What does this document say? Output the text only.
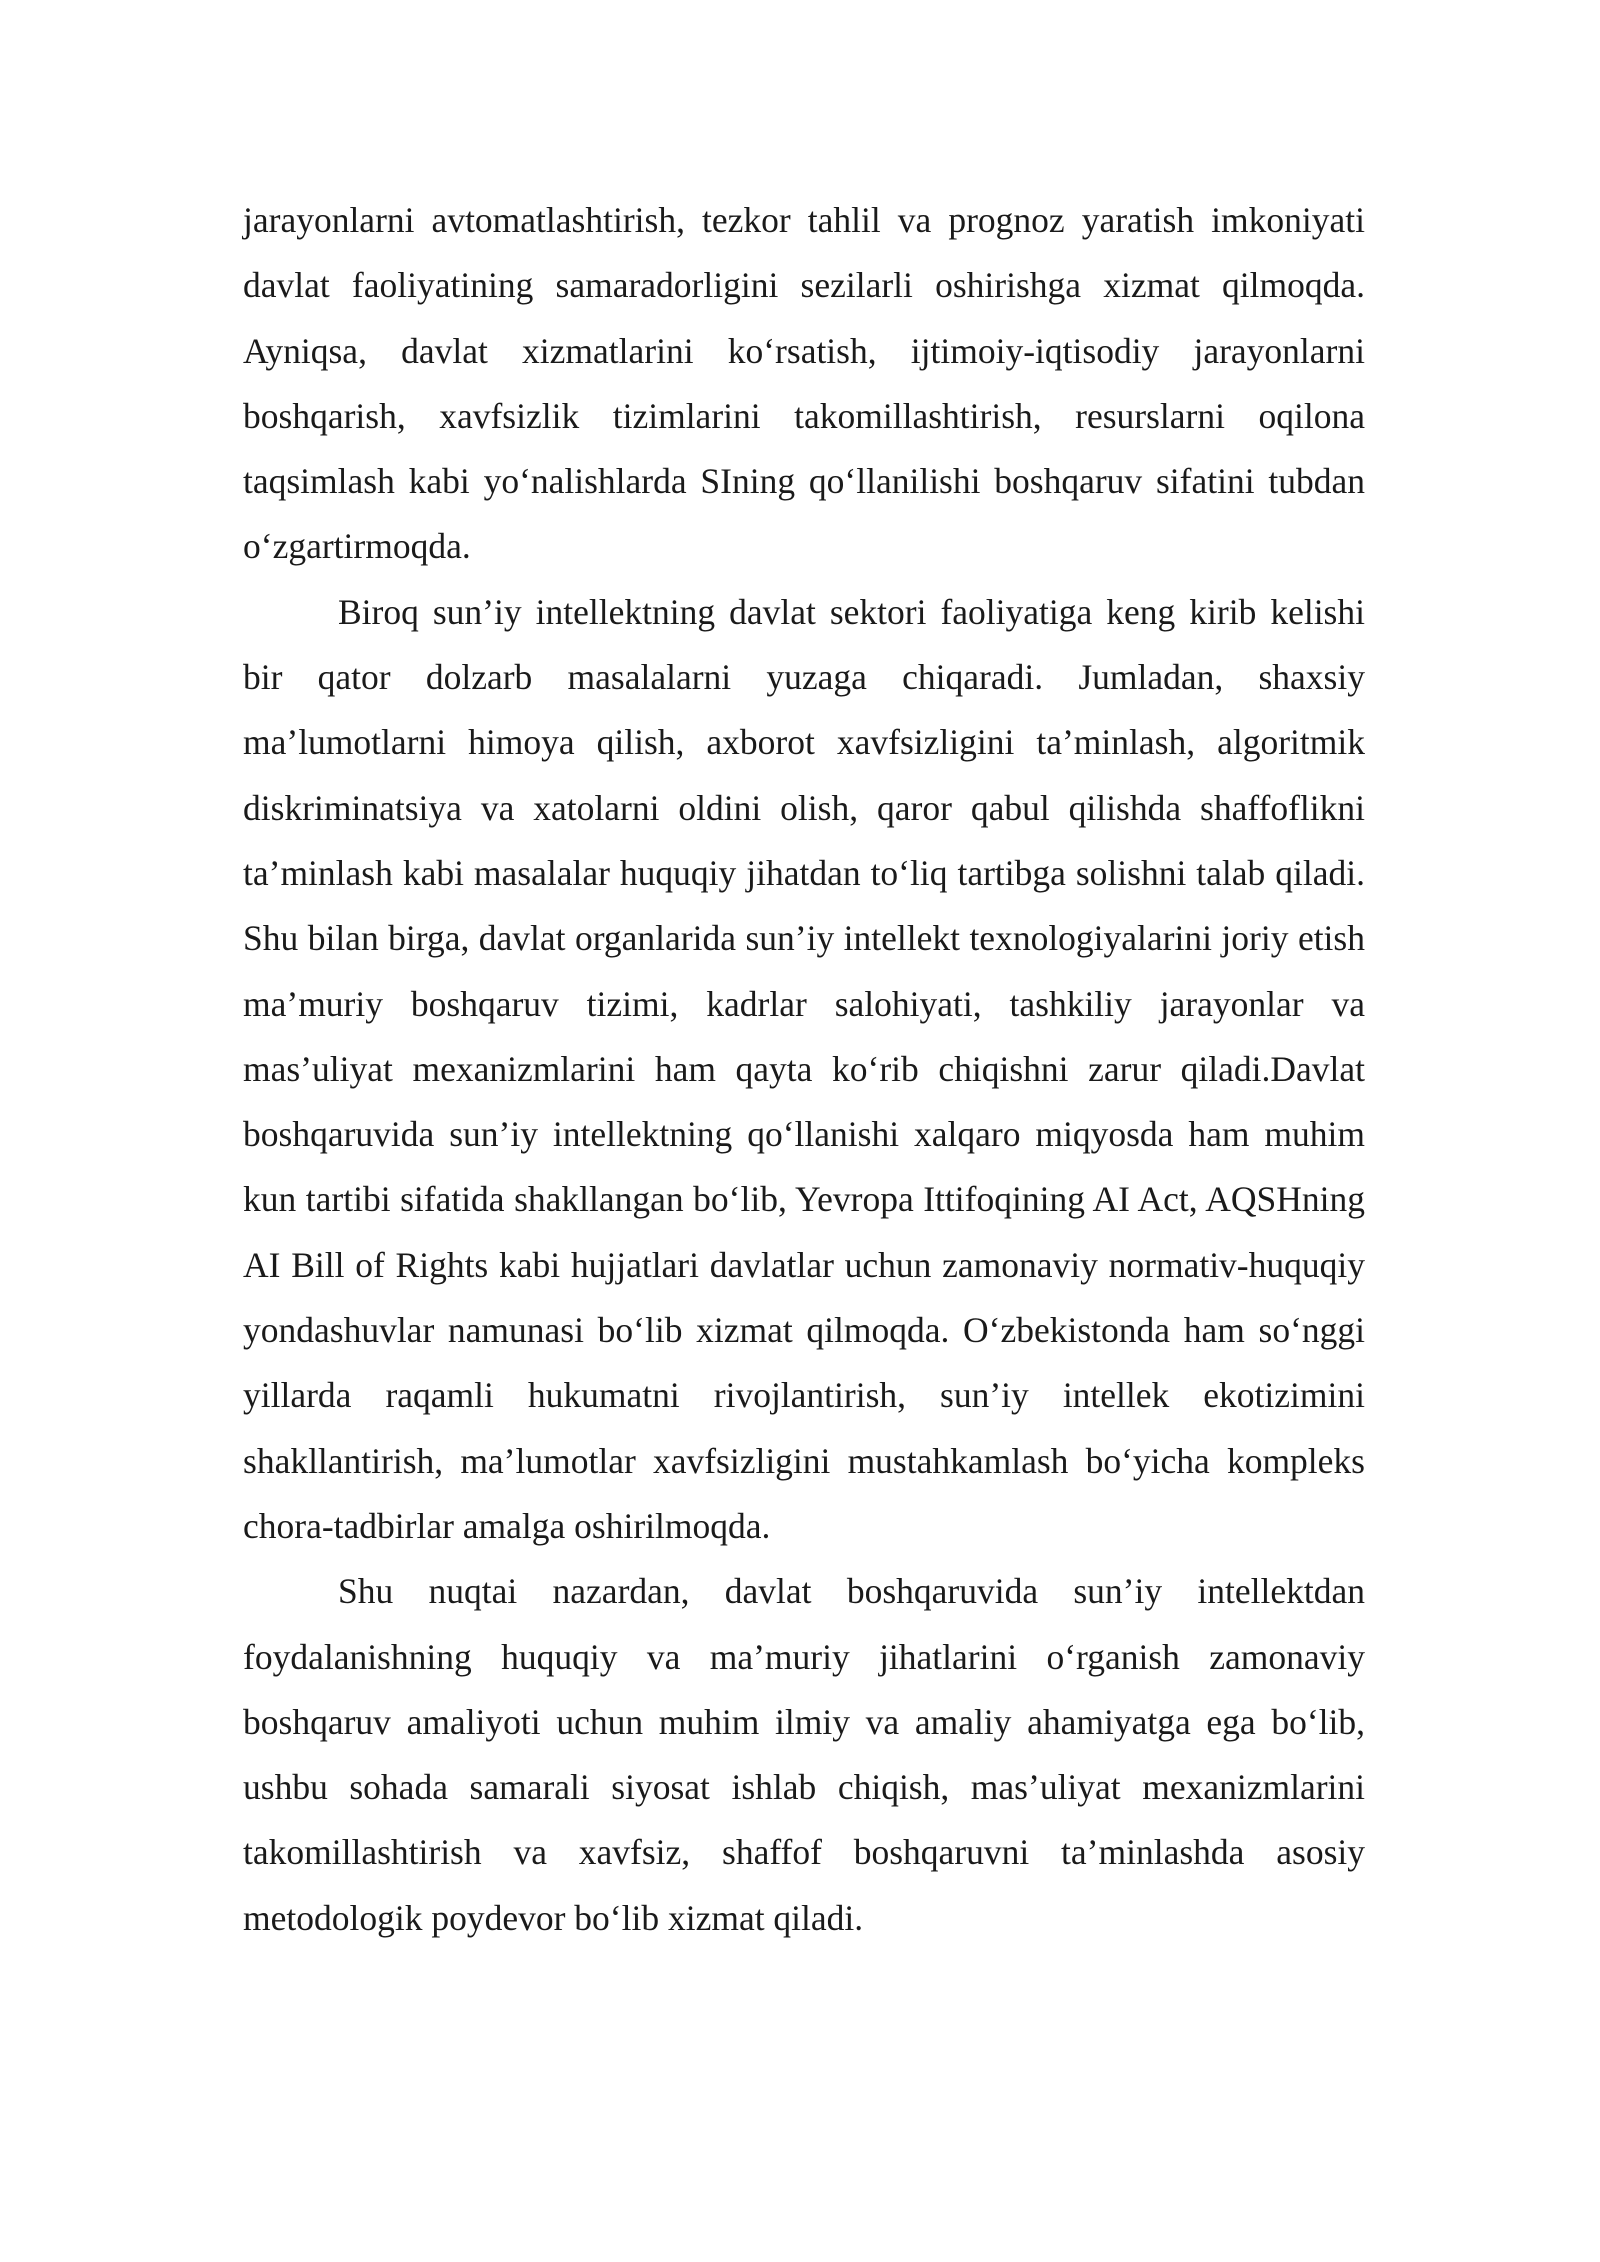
jarayonlarni avtomatlashtirish, tezkor tahlil va prognoz yaratish imkoniyati davlat faoliyatining samaradorligini sezilarli oshirishga xizmat qilmoqda. Ayniqsa, davlat xizmatlarini koʻrsatish, ijtimoiy-iqtisodiy jarayonlarni boshqarish, xavfsizlik tizimlarini takomillashtirish, resurslarni oqilona taqsimlash kabi yoʻnalishlarda SIning qoʻllanilishi boshqaruv sifatini tubdan oʻzgartirmoqda.

Biroq sun’iy intellektning davlat sektori faoliyatiga keng kirib kelishi bir qator dolzarb masalalarni yuzaga chiqaradi. Jumladan, shaxsiy ma’lumotlarni himoya qilish, axborot xavfsizligini ta’minlash, algoritmik diskriminatsiya va xatolarni oldini olish, qaror qabul qilishda shaffoflikni ta’minlash kabi masalalar huquqiy jihatdan toʻliq tartibga solishni talab qiladi. Shu bilan birga, davlat organlarida sun’iy intellekt texnologiyalarini joriy etish ma’muriy boshqaruv tizimi, kadrlar salohiyati, tashkiliy jarayonlar va mas’uliyat mexanizmlarini ham qayta koʻrib chiqishni zarur qiladi.Davlat boshqaruvida sun’iy intellektning qoʻllanishi xalqaro miqyosda ham muhim kun tartibi sifatida shakllangan boʻlib, Yevropa Ittifoqining AI Act, AQSHning AI Bill of Rights kabi hujjatlari davlatlar uchun zamonaviy normativ-huquqiy yondashuvlar namunasi boʻlib xizmat qilmoqda. Oʻzbekistonda ham soʻnggi yillarda raqamli hukumatni rivojlantirish, sun’iy intellek ekotizimini shakllantirish, ma’lumotlar xavfsizligini mustahkamlash boʻyicha kompleks chora-tadbirlar amalga oshirilmoqda.

Shu nuqtai nazardan, davlat boshqaruvida sun’iy intellektdan foydalanishning huquqiy va ma’muriy jihatlarini oʻrganish zamonaviy boshqaruv amaliyoti uchun muhim ilmiy va amaliy ahamiyatga ega boʻlib, ushbu sohada samarali siyosat ishlab chiqish, mas’uliyat mexanizmlarini takomillashtirish va xavfsiz, shaffof boshqaruvni ta’minlashda asosiy metodologik poydevor boʻlib xizmat qiladi.
